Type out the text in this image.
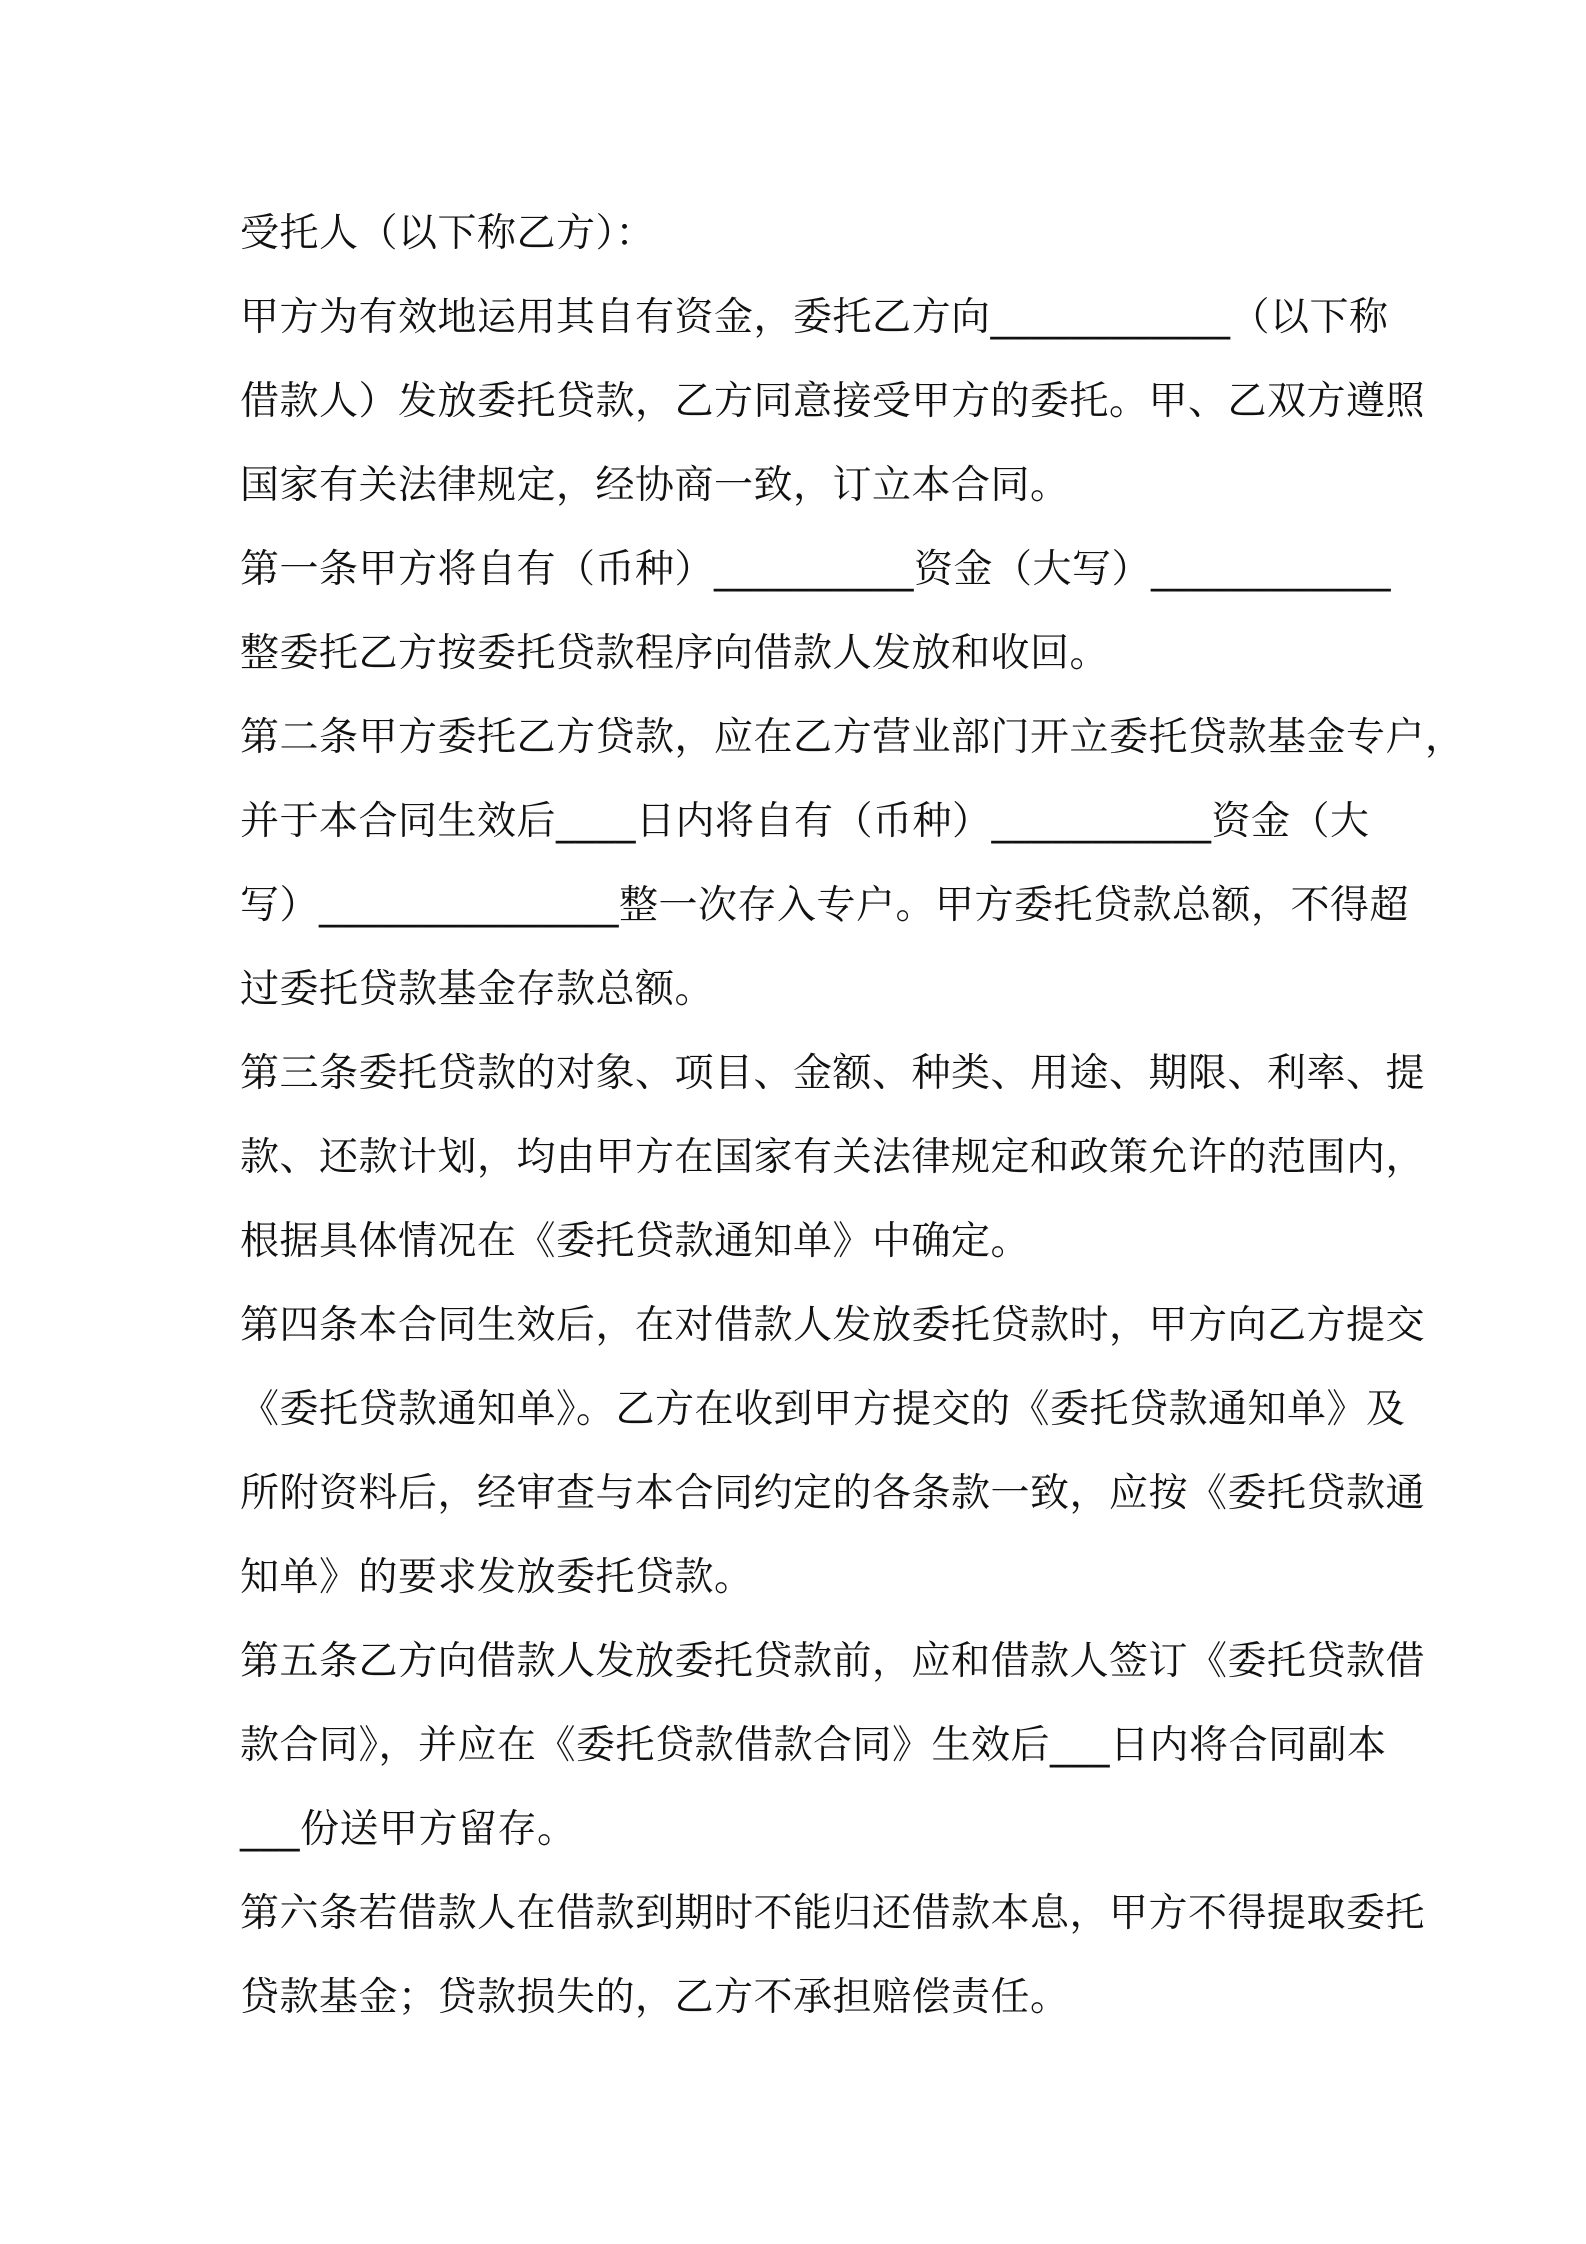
受托人（以下称乙方）：
甲方为有效地运用其自有资金，委托乙方向____________（以下称
借款人）发放委托贷款，乙方同意接受甲方的委托。甲、乙双方遵照
国家有关法律规定，经协商一致，订立本合同。
第一条甲方将自有（币种）__________资金（大写）____________
整委托乙方按委托贷款程序向借款人发放和收回。
第二条甲方委托乙方贷款，应在乙方营业部门开立委托贷款基金专户，
并于本合同生效后____日内将自有（币种）___________资金（大
写）_______________整一次存入专户。甲方委托贷款总额，不得超
过委托贷款基金存款总额。
第三条委托贷款的对象、项目、金额、种类、用途、期限、利率、提
款、还款计划，均由甲方在国家有关法律规定和政策允许的范围内，
根据具体情况在《委托贷款通知单》中确定。
第四条本合同生效后，在对借款人发放委托贷款时，甲方向乙方提交
《委托贷款通知单》。乙方在收到甲方提交的《委托贷款通知单》及
所附资料后，经审查与本合同约定的各条款一致，应按《委托贷款通
知单》的要求发放委托贷款。
第五条乙方向借款人发放委托贷款前，应和借款人签订《委托贷款借
款合同》，并应在《委托贷款借款合同》生效后___日内将合同副本
___份送甲方留存。
第六条若借款人在借款到期时不能归还借款本息，甲方不得提取委托
贷款基金；贷款损失的，乙方不承担赔偿责任。
